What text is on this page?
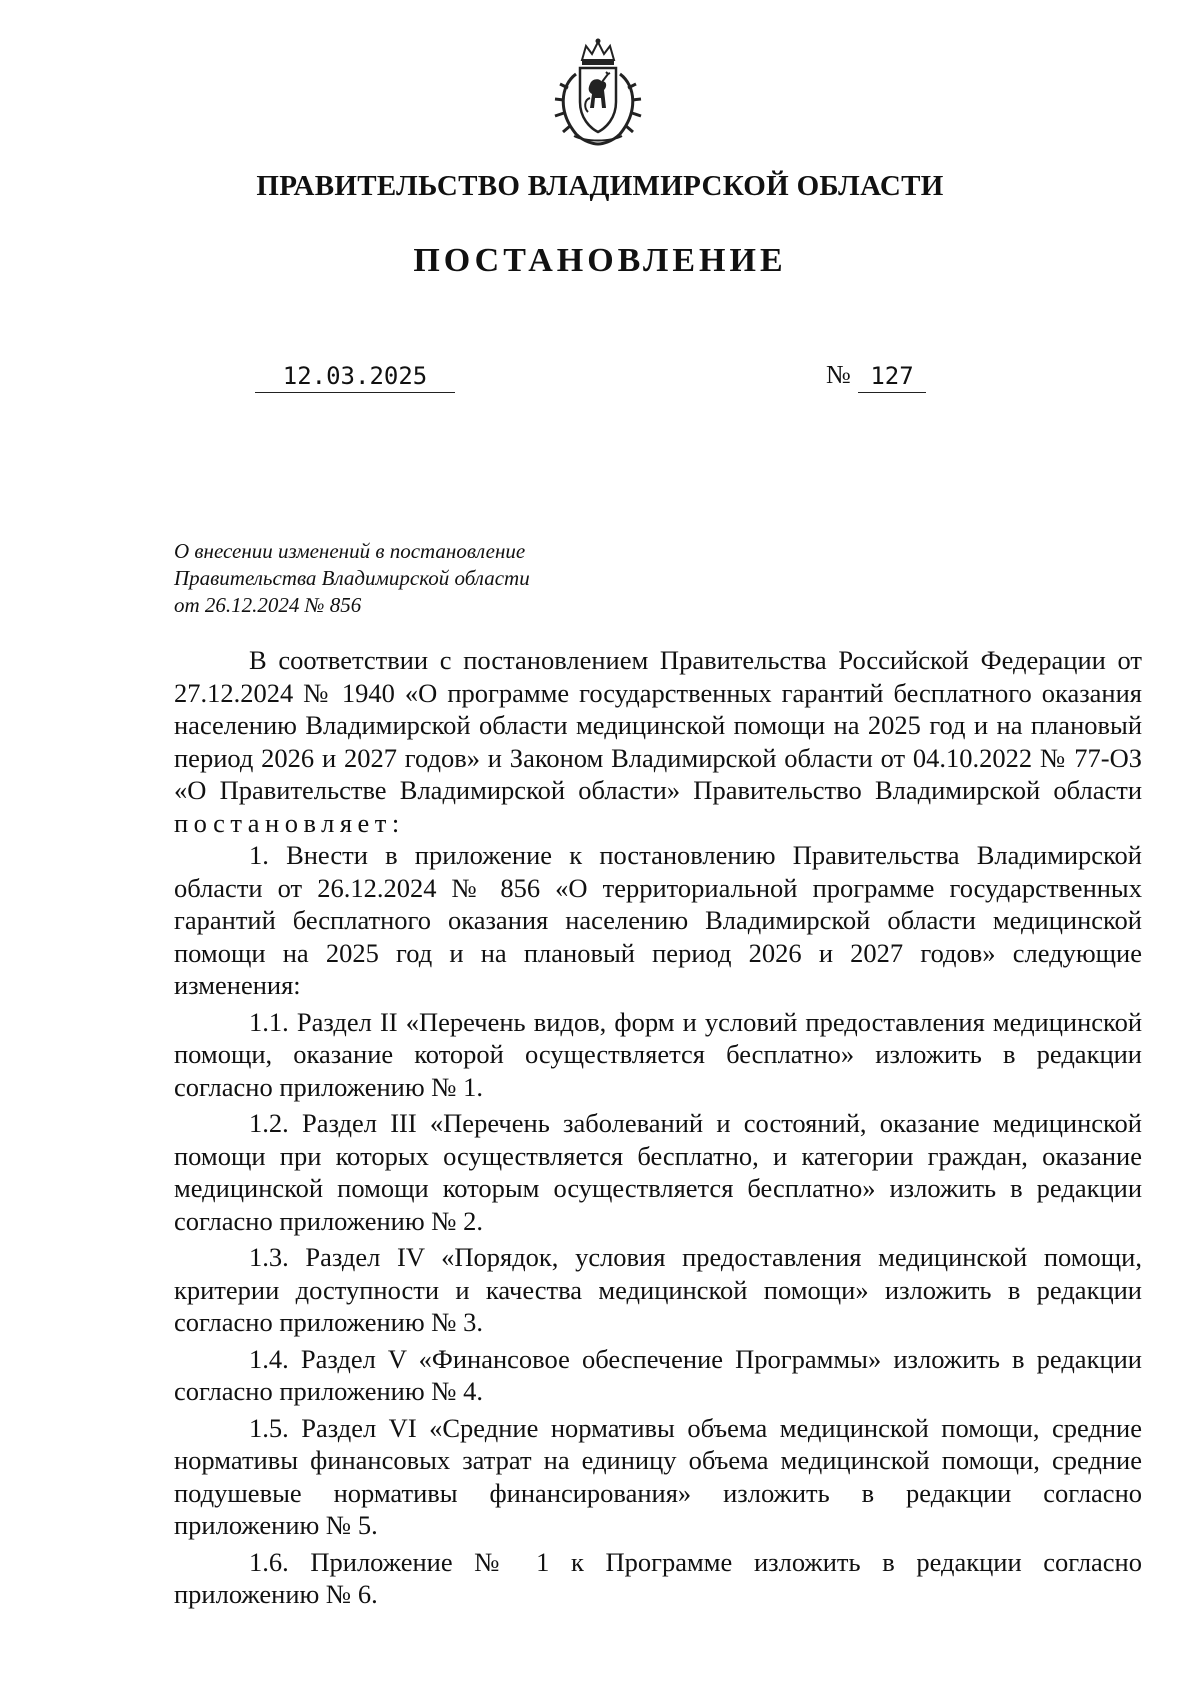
ПРАВИТЕЛЬСТВО ВЛАДИМИРСКОЙ ОБЛАСТИ
ПОСТАНОВЛЕНИЕ
12.03.2025	№ 127
О внесении изменений в постановление
Правительства Владимирской области
от 26.12.2024 № 856

В соответствии с постановлением Правительства Российской Федерации от 27.12.2024 № 1940 «О программе государственных гарантий бесплатного оказания населению Владимирской области медицинской помощи на 2025 год и на плановый период 2026 и 2027 годов» и Законом Владимирской области от 04.10.2022 № 77-ОЗ «О Правительстве Владимирской области» Правительство Владимирской области постановляет:

1. Внести в приложение к постановлению Правительства Владимирской области от 26.12.2024 № 856 «О территориальной программе государственных гарантий бесплатного оказания населению Владимирской области медицинской помощи на 2025 год и на плановый период 2026 и 2027 годов» следующие изменения:

1.1. Раздел II «Перечень видов, форм и условий предоставления медицинской помощи, оказание которой осуществляется бесплатно» изложить в редакции согласно приложению № 1.

1.2. Раздел III «Перечень заболеваний и состояний, оказание медицинской помощи при которых осуществляется бесплатно, и категории граждан, оказание медицинской помощи которым осуществляется бесплатно» изложить в редакции согласно приложению № 2.

1.3. Раздел IV «Порядок, условия предоставления медицинской помощи, критерии доступности и качества медицинской помощи» изложить в редакции согласно приложению № 3.

1.4. Раздел V «Финансовое обеспечение Программы» изложить в редакции согласно приложению № 4.

1.5. Раздел VI «Средние нормативы объема медицинской помощи, средние нормативы финансовых затрат на единицу объема медицинской помощи, средние подушевые нормативы финансирования» изложить в редакции согласно приложению № 5.

1.6. Приложение № 1 к Программе изложить в редакции согласно приложению № 6.
